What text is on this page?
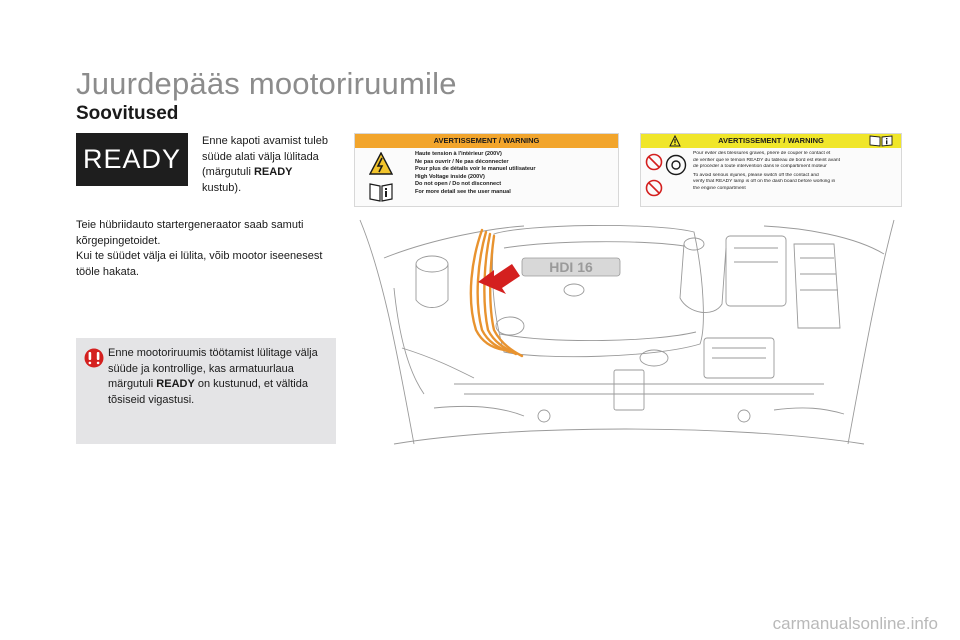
Juurdepääs mootoriruumile
Soovitused
READY
Enne kapoti avamist tuleb süüde alati välja lülitada (märgutuli READY kustub).

Teie hübriidauto startergeneraator saab samuti kõrgepingetoidet.

Kui te süüdet välja ei lülita, võib mootor iseenesest tööle hakata.

Enne mootoriruumis töötamist lülitage välja süüde ja kontrollige, kas armatuurlaua märgutuli READY on kustunud, et vältida tõsiseid vigastusi.
AVERTISSEMENT / WARNING
Haute tension à l'intérieur (200V)
Ne pas ouvrir / Ne pas déconnecter
Pour plus de détails voir le manuel utilisateur
High Voltage inside (200V)
Do not open / Do not disconnect
For more detail see the user manual
AVERTISSEMENT / WARNING
Pour éviter des blessures graves, prière de couper le contact et
de vérifier que le témoin READY du tableau de bord est éteint avant
de procéder à toute intervention dans le compartiment moteur
To avoid serious injuries, please switch off the contact and
verify that READY lamp is off on the dash board before working in
the engine compartment
HDI 16
carmanualsonline.info
